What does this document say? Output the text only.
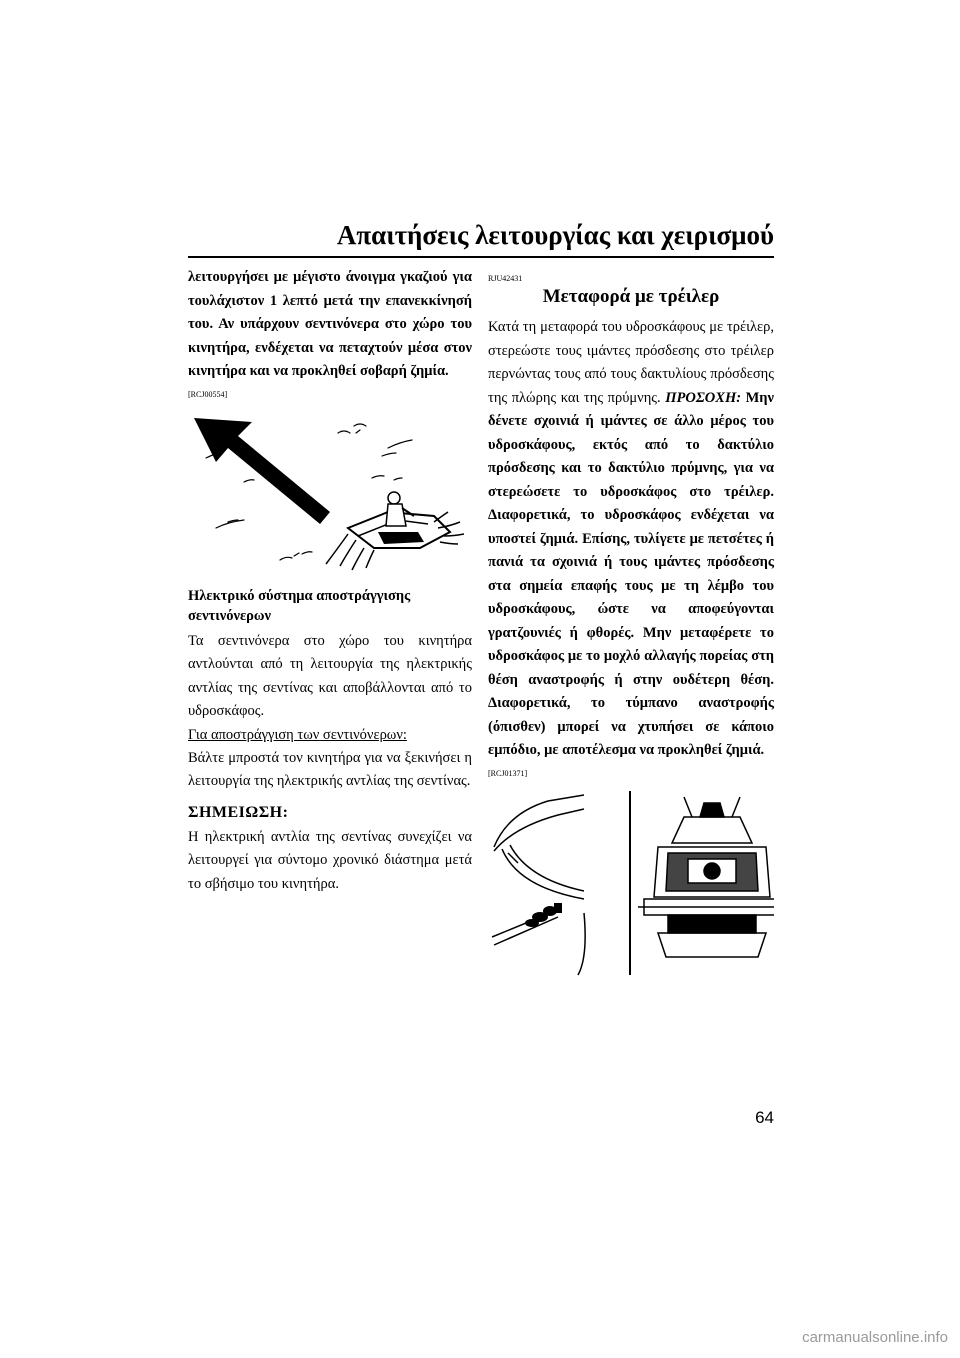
Απαιτήσεις λειτουργίας και χειρισμού

λειτουργήσει με μέγιστο άνοιγμα γκαζιού για τουλάχιστον 1 λεπτό μετά την επανεκκίνησή του. Αν υπάρχουν σεντινόνερα στο χώρο του κινητήρα, ενδέχεται να πεταχτούν μέσα στον κινητήρα και να προκληθεί σοβαρή ζημία.

[RCJ00554]
Ηλεκτρικό σύστημα αποστράγγισης σεντινόνερων

Τα σεντινόνερα στο χώρο του κινητήρα αντλούνται από τη λειτουργία της ηλεκτρικής αντλίας της σεντίνας και αποβάλλονται από το υδροσκάφος.

Για αποστράγγιση των σεντινόνερων:

Βάλτε μπροστά τον κινητήρα για να ξεκινήσει η λειτουργία της ηλεκτρικής αντλίας της σεντίνας.

ΣΗΜΕΙΩΣΗ:

Η ηλεκτρική αντλία της σεντίνας συνεχίζει να λειτουργεί για σύντομο χρονικό διάστημα μετά το σβήσιμο του κινητήρα.

RJU42431
Μεταφορά με τρέιλερ

Κατά τη μεταφορά του υδροσκάφους με τρέιλερ, στερεώστε τους ιμάντες πρόσδεσης στο τρέιλερ περνώντας τους από τους δακτυλίους πρόσδεσης της πλώρης και της πρύμνης. ΠΡΟΣΟΧΗ: Μην δένετε σχοινιά ή ιμάντες σε άλλο μέρος του υδροσκάφους, εκτός από το δακτύλιο πρόσδεσης και το δακτύλιο πρύμνης, για να στερεώσετε το υδροσκάφος στο τρέιλερ. Διαφορετικά, το υδροσκάφος ενδέχεται να υποστεί ζημιά. Επίσης, τυλίγετε με πετσέτες ή πανιά τα σχοινιά ή τους ιμάντες πρόσδεσης στα σημεία επαφής τους με τη λέμβο του υδροσκάφους, ώστε να αποφεύγονται γρατζουνιές ή φθορές. Μην μεταφέρετε το υδροσκάφος με το μοχλό αλλαγής πορείας στη θέση αναστροφής ή στην ουδέτερη θέση. Διαφορετικά, το τύμπανο αναστροφής (όπισθεν) μπορεί να χτυπήσει σε κάποιο εμπόδιο, με αποτέλεσμα να προκληθεί ζημιά.

[RCJ01371]
64
carmanualsonline.info
